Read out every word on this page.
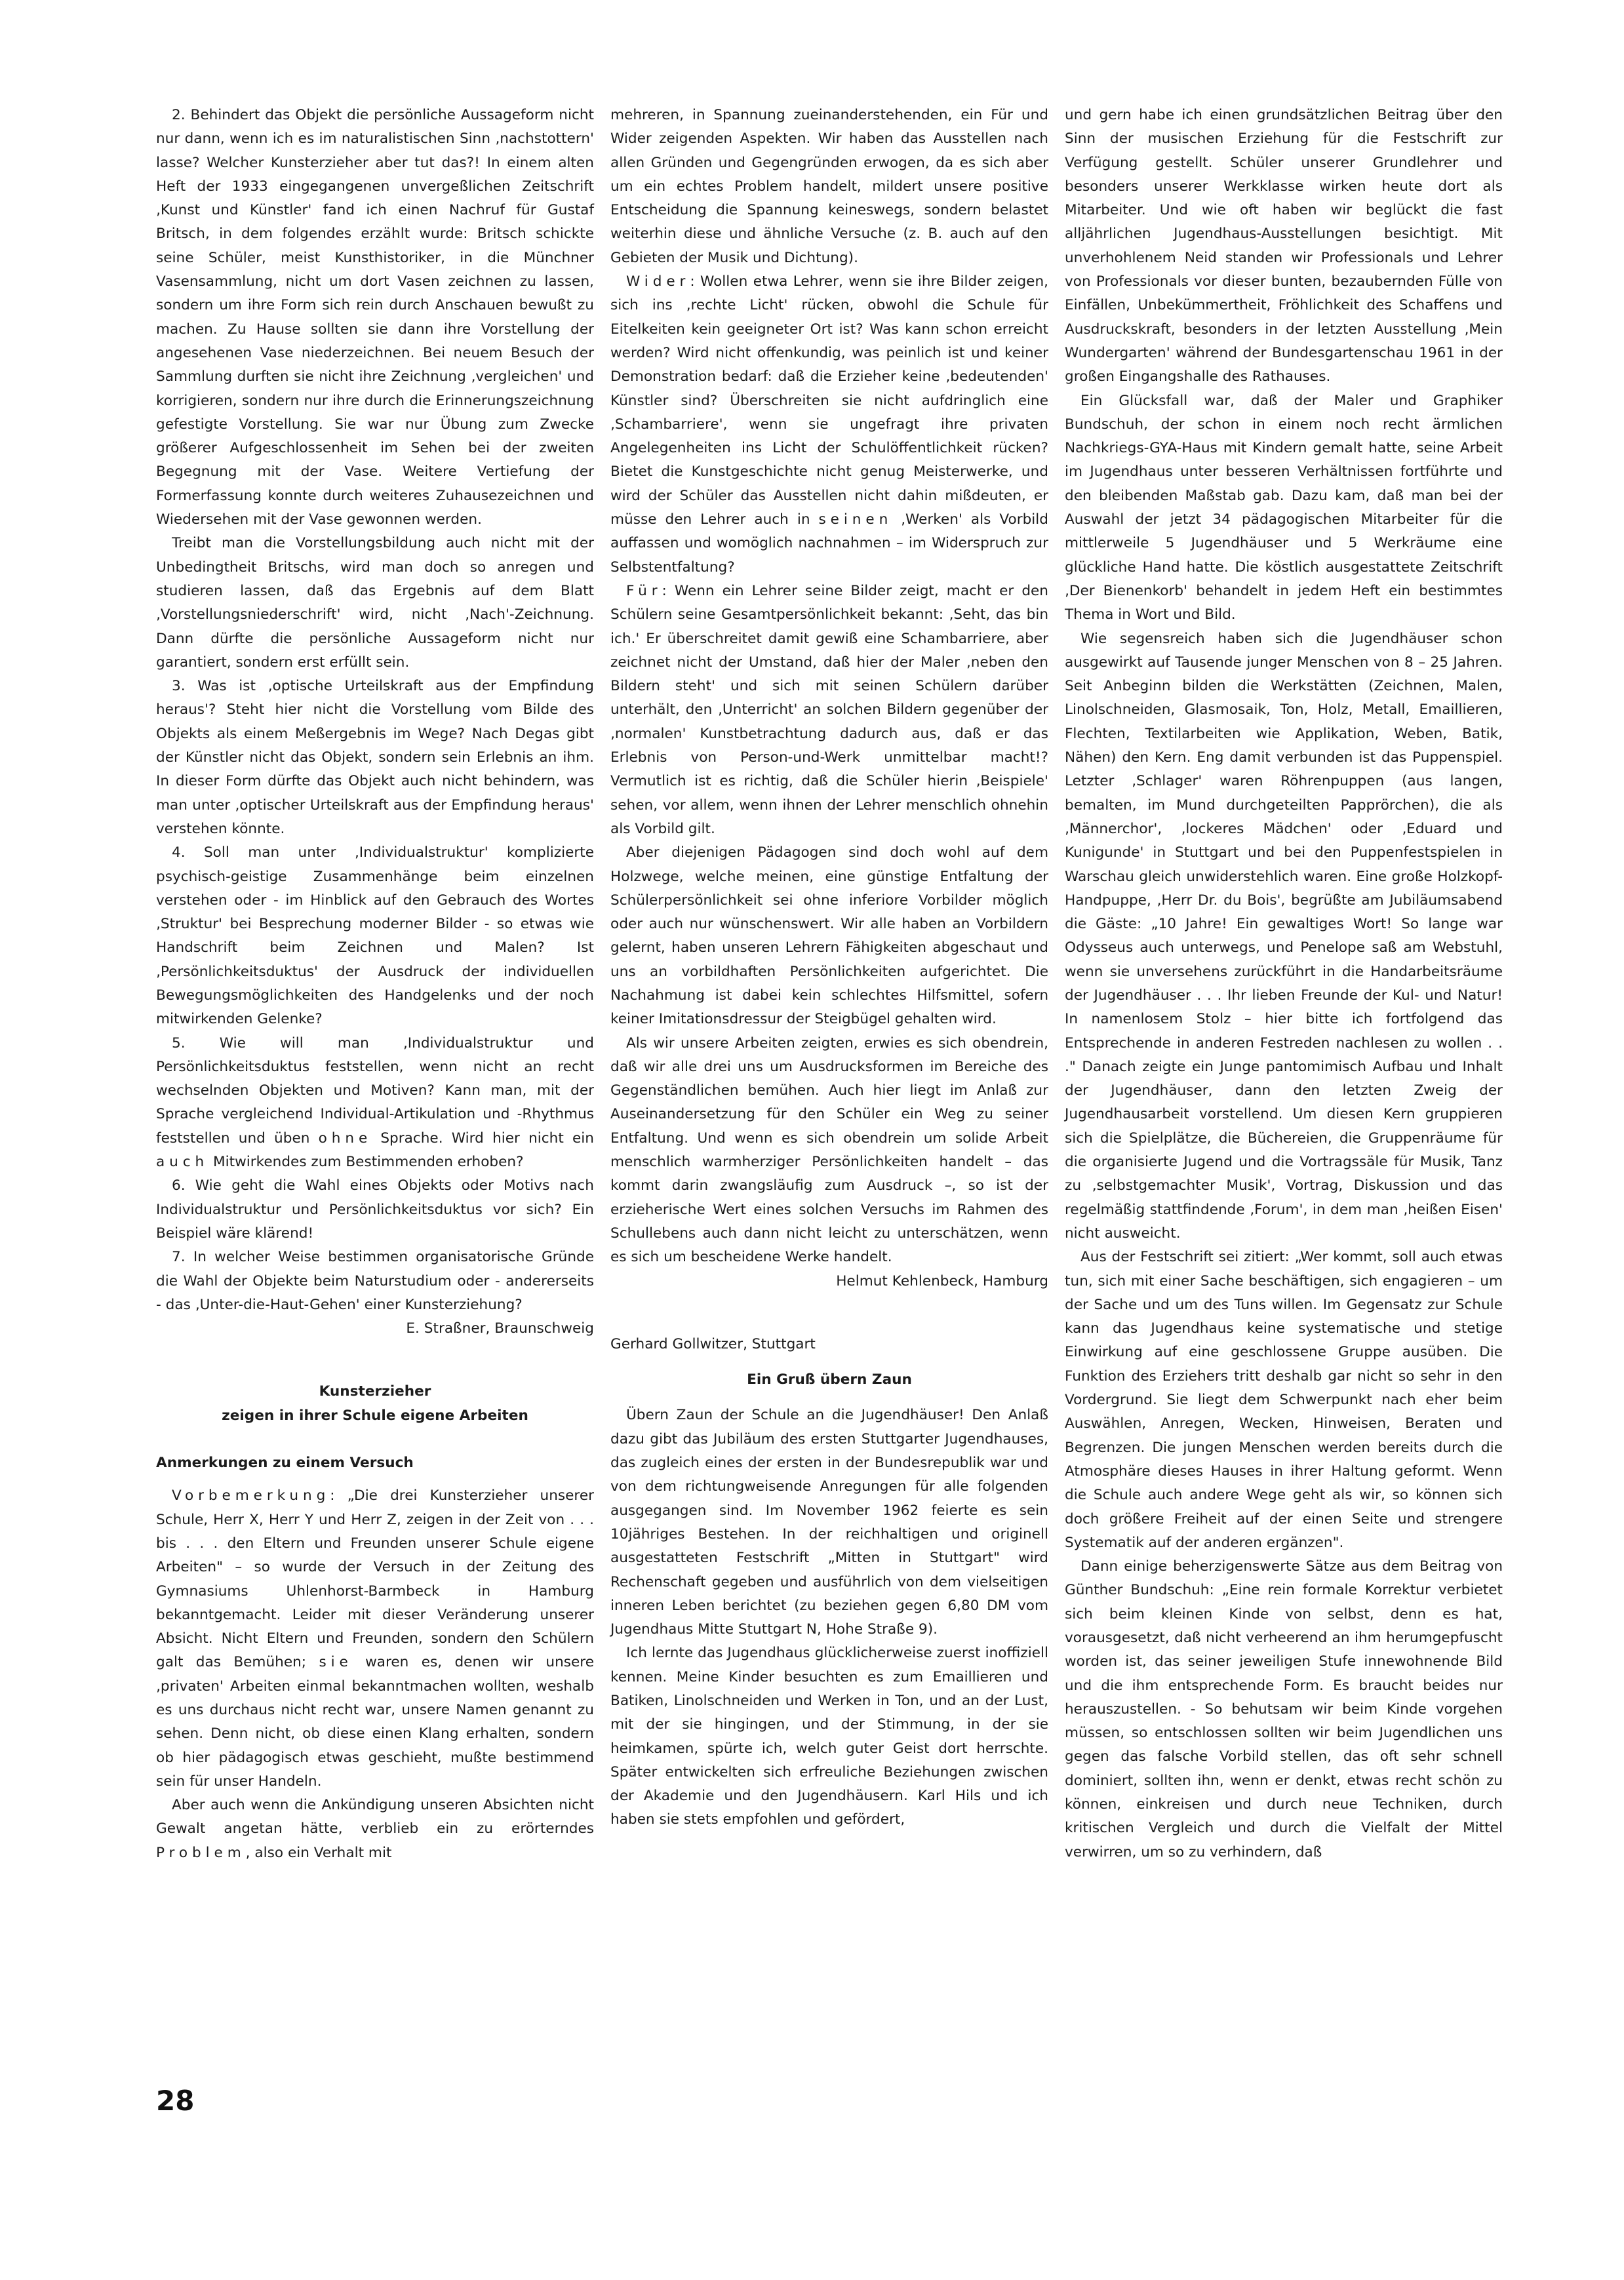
2. Behindert das Objekt die persönliche Aussageform nicht nur dann, wenn ich es im naturalistischen Sinn ‚nachstottern' lasse? Welcher Kunsterzieher aber tut das?! In einem alten Heft der 1933 eingegangenen unvergeßlichen Zeitschrift ‚Kunst und Künstler' fand ich einen Nachruf für Gustaf Britsch, in dem folgendes erzählt wurde: Britsch schickte seine Schüler, meist Kunsthistoriker, in die Münchner Vasensammlung, nicht um dort Vasen zeichnen zu lassen, sondern um ihre Form sich rein durch Anschauen bewußt zu machen. Zu Hause sollten sie dann ihre Vorstellung der angesehenen Vase niederzeichnen. Bei neuem Besuch der Sammlung durften sie nicht ihre Zeichnung ‚vergleichen' und korrigieren, sondern nur ihre durch die Erinnerungszeichnung gefestigte Vorstellung. Sie war nur Übung zum Zwecke größerer Aufgeschlossenheit im Sehen bei der zweiten Begegnung mit der Vase. Weitere Vertiefung der Formerfassung konnte durch weiteres Zuhausezeichnen und Wiedersehen mit der Vase gewonnen werden.

Treibt man die Vorstellungsbildung auch nicht mit der Unbedingtheit Britschs, wird man doch so anregen und studieren lassen, daß das Ergebnis auf dem Blatt ‚Vorstellungsniederschrift' wird, nicht ‚Nach'-Zeichnung. Dann dürfte die persönliche Aussageform nicht nur garantiert, sondern erst erfüllt sein.

3. Was ist ‚optische Urteilskraft aus der Empfindung heraus'? Steht hier nicht die Vorstellung vom Bilde des Objekts als einem Meßergebnis im Wege? Nach Degas gibt der Künstler nicht das Objekt, sondern sein Erlebnis an ihm. In dieser Form dürfte das Objekt auch nicht behindern, was man unter ‚optischer Urteilskraft aus der Empfindung heraus' verstehen könnte.

4. Soll man unter ‚Individualstruktur' komplizierte psychisch-geistige Zusammenhänge beim einzelnen verstehen oder - im Hinblick auf den Gebrauch des Wortes ‚Struktur' bei Besprechung moderner Bilder - so etwas wie Handschrift beim Zeichnen und Malen? Ist ‚Persönlichkeitsduktus' der Ausdruck der individuellen Bewegungsmöglichkeiten des Handgelenks und der noch mitwirkenden Gelenke?

5. Wie will man ‚Individualstruktur und Persönlichkeitsduktus feststellen, wenn nicht an recht wechselnden Objekten und Motiven? Kann man, mit der Sprache vergleichend Individual-Artikulation und -Rhythmus feststellen und üben ohne Sprache. Wird hier nicht ein auch Mitwirkendes zum Bestimmenden erhoben?

6. Wie geht die Wahl eines Objekts oder Motivs nach Individualstruktur und Persönlichkeitsduktus vor sich? Ein Beispiel wäre klärend!

7. In welcher Weise bestimmen organisatorische Gründe die Wahl der Objekte beim Naturstudium oder - andererseits - das ‚Unter-die-Haut-Gehen' einer Kunsterziehung?

E. Straßner, Braunschweig

Kunsterzieher
zeigen in ihrer Schule eigene Arbeiten
Anmerkungen zu einem Versuch

Vorbemerkung: „Die drei Kunsterzieher unserer Schule, Herr X, Herr Y und Herr Z, zeigen in der Zeit von . . . bis . . . den Eltern und Freunden unserer Schule eigene Arbeiten" – so wurde der Versuch in der Zeitung des Gymnasiums Uhlenhorst-Barmbeck in Hamburg bekanntgemacht. Leider mit dieser Veränderung unserer Absicht. Nicht Eltern und Freunden, sondern den Schülern galt das Bemühen; sie waren es, denen wir unsere ‚privaten' Arbeiten einmal bekanntmachen wollten, weshalb es uns durchaus nicht recht war, unsere Namen genannt zu sehen. Denn nicht, ob diese einen Klang erhalten, sondern ob hier pädagogisch etwas geschieht, mußte bestimmend sein für unser Handeln.

Aber auch wenn die Ankündigung unseren Absichten nicht Gewalt angetan hätte, verblieb ein zu erörterndes Problem, also ein Verhalt mit

mehreren, in Spannung zueinanderstehenden, ein Für und Wider zeigenden Aspekten. Wir haben das Ausstellen nach allen Gründen und Gegengründen erwogen, da es sich aber um ein echtes Problem handelt, mildert unsere positive Entscheidung die Spannung keineswegs, sondern belastet weiterhin diese und ähnliche Versuche (z. B. auch auf den Gebieten der Musik und Dichtung).

Wider: Wollen etwa Lehrer, wenn sie ihre Bilder zeigen, sich ins ‚rechte Licht' rücken, obwohl die Schule für Eitelkeiten kein geeigneter Ort ist? Was kann schon erreicht werden? Wird nicht offenkundig, was peinlich ist und keiner Demonstration bedarf: daß die Erzieher keine ‚bedeutenden' Künstler sind? Überschreiten sie nicht aufdringlich eine ‚Schambarriere', wenn sie ungefragt ihre privaten Angelegenheiten ins Licht der Schulöffentlichkeit rücken? Bietet die Kunstgeschichte nicht genug Meisterwerke, und wird der Schüler das Ausstellen nicht dahin mißdeuten, er müsse den Lehrer auch in seinen ‚Werken' als Vorbild auffassen und womöglich nachnahmen – im Widerspruch zur Selbstentfaltung?

Für: Wenn ein Lehrer seine Bilder zeigt, macht er den Schülern seine Gesamtpersönlichkeit bekannt: ‚Seht, das bin ich.' Er überschreitet damit gewiß eine Schambarriere, aber zeichnet nicht der Umstand, daß hier der Maler ‚neben den Bildern steht' und sich mit seinen Schülern darüber unterhält, den ‚Unterricht' an solchen Bildern gegenüber der ‚normalen' Kunstbetrachtung dadurch aus, daß er das Erlebnis von Person-und-Werk unmittelbar macht!? Vermutlich ist es richtig, daß die Schüler hierin ‚Beispiele' sehen, vor allem, wenn ihnen der Lehrer menschlich ohnehin als Vorbild gilt.

Aber diejenigen Pädagogen sind doch wohl auf dem Holzwege, welche meinen, eine günstige Entfaltung der Schülerpersönlichkeit sei ohne inferiore Vorbilder möglich oder auch nur wünschenswert. Wir alle haben an Vorbildern gelernt, haben unseren Lehrern Fähigkeiten abgeschaut und uns an vorbildhaften Persönlichkeiten aufgerichtet. Die Nachahmung ist dabei kein schlechtes Hilfsmittel, sofern keiner Imitationsdressur der Steigbügel gehalten wird.

Als wir unsere Arbeiten zeigten, erwies es sich obendrein, daß wir alle drei uns um Ausdrucksformen im Bereiche des Gegenständlichen bemühen. Auch hier liegt im Anlaß zur Auseinandersetzung für den Schüler ein Weg zu seiner Entfaltung. Und wenn es sich obendrein um solide Arbeit menschlich warmherziger Persönlichkeiten handelt – das kommt darin zwangsläufig zum Ausdruck –, so ist der erzieherische Wert eines solchen Versuchs im Rahmen des Schullebens auch dann nicht leicht zu unterschätzen, wenn es sich um bescheidene Werke handelt.

Helmut Kehlenbeck, Hamburg

Gerhard Gollwitzer, Stuttgart

Ein Gruß übern Zaun

Übern Zaun der Schule an die Jugendhäuser! Den Anlaß dazu gibt das Jubiläum des ersten Stuttgarter Jugendhauses, das zugleich eines der ersten in der Bundesrepublik war und von dem richtungweisende Anregungen für alle folgenden ausgegangen sind. Im November 1962 feierte es sein 10jähriges Bestehen. In der reichhaltigen und originell ausgestatteten Festschrift „Mitten in Stuttgart" wird Rechenschaft gegeben und ausführlich von dem vielseitigen inneren Leben berichtet (zu beziehen gegen 6,80 DM vom Jugendhaus Mitte Stuttgart N, Hohe Straße 9).

Ich lernte das Jugendhaus glücklicherweise zuerst inoffiziell kennen. Meine Kinder besuchten es zum Emaillieren und Batiken, Linolschneiden und Werken in Ton, und an der Lust, mit der sie hingingen, und der Stimmung, in der sie heimkamen, spürte ich, welch guter Geist dort herrschte. Später entwickelten sich erfreuliche Beziehungen zwischen der Akademie und den Jugendhäusern. Karl Hils und ich haben sie stets empfohlen und gefördert,

und gern habe ich einen grundsätzlichen Beitrag über den Sinn der musischen Erziehung für die Festschrift zur Verfügung gestellt. Schüler unserer Grundlehrer und besonders unserer Werkklasse wirken heute dort als Mitarbeiter. Und wie oft haben wir beglückt die fast alljährlichen Jugendhaus-Ausstellungen besichtigt. Mit unverhohlenem Neid standen wir Professionals und Lehrer von Professionals vor dieser bunten, bezaubernden Fülle von Einfällen, Unbekümmertheit, Fröhlichkeit des Schaffens und Ausdruckskraft, besonders in der letzten Ausstellung ‚Mein Wundergarten' während der Bundesgartenschau 1961 in der großen Eingangshalle des Rathauses.

Ein Glücksfall war, daß der Maler und Graphiker Bundschuh, der schon in einem noch recht ärmlichen Nachkriegs-GYA-Haus mit Kindern gemalt hatte, seine Arbeit im Jugendhaus unter besseren Verhältnissen fortführte und den bleibenden Maßstab gab. Dazu kam, daß man bei der Auswahl der jetzt 34 pädagogischen Mitarbeiter für die mittlerweile 5 Jugendhäuser und 5 Werkräume eine glückliche Hand hatte. Die köstlich ausgestattete Zeitschrift ‚Der Bienenkorb' behandelt in jedem Heft ein bestimmtes Thema in Wort und Bild.

Wie segensreich haben sich die Jugendhäuser schon ausgewirkt auf Tausende junger Menschen von 8 – 25 Jahren. Seit Anbeginn bilden die Werkstätten (Zeichnen, Malen, Linolschneiden, Glasmosaik, Ton, Holz, Metall, Emaillieren, Flechten, Textilarbeiten wie Applikation, Weben, Batik, Nähen) den Kern. Eng damit verbunden ist das Puppenspiel. Letzter ‚Schlager' waren Röhrenpuppen (aus langen, bemalten, im Mund durchgeteilten Papprörchen), die als ‚Männerchor', ‚lockeres Mädchen' oder ‚Eduard und Kunigunde' in Stuttgart und bei den Puppenfestspielen in Warschau gleich unwiderstehlich waren. Eine große Holzkopf-Handpuppe, ‚Herr Dr. du Bois', begrüßte am Jubiläumsabend die Gäste: „10 Jahre! Ein gewaltiges Wort! So lange war Odysseus auch unterwegs, und Penelope saß am Webstuhl, wenn sie unversehens zurückführt in die Handarbeitsräume der Jugendhäuser . . . Ihr lieben Freunde der Kul- und Natur! In namenlosem Stolz – hier bitte ich fortfolgend das Entsprechende in anderen Festreden nachlesen zu wollen . . ." Danach zeigte ein Junge pantomimisch Aufbau und Inhalt der Jugendhäuser, dann den letzten Zweig der Jugendhausarbeit vorstellend. Um diesen Kern gruppieren sich die Spielplätze, die Büchereien, die Gruppenräume für die organisierte Jugend und die Vortragssäle für Musik, Tanz zu ‚selbstgemachter Musik', Vortrag, Diskussion und das regelmäßig stattfindende ‚Forum', in dem man ‚heißen Eisen' nicht ausweicht.

Aus der Festschrift sei zitiert: „Wer kommt, soll auch etwas tun, sich mit einer Sache beschäftigen, sich engagieren – um der Sache und um des Tuns willen. Im Gegensatz zur Schule kann das Jugendhaus keine systematische und stetige Einwirkung auf eine geschlossene Gruppe ausüben. Die Funktion des Erziehers tritt deshalb gar nicht so sehr in den Vordergrund. Sie liegt dem Schwerpunkt nach eher beim Auswählen, Anregen, Wecken, Hinweisen, Beraten und Begrenzen. Die jungen Menschen werden bereits durch die Atmosphäre dieses Hauses in ihrer Haltung geformt. Wenn die Schule auch andere Wege geht als wir, so können sich doch größere Freiheit auf der einen Seite und strengere Systematik auf der anderen ergänzen".

Dann einige beherzigenswerte Sätze aus dem Beitrag von Günther Bundschuh: „Eine rein formale Korrektur verbietet sich beim kleinen Kinde von selbst, denn es hat, vorausgesetzt, daß nicht verheerend an ihm herumgepfuscht worden ist, das seiner jeweiligen Stufe innewohnende Bild und die ihm entsprechende Form. Es braucht beides nur herauszustellen. - So behutsam wir beim Kinde vorgehen müssen, so entschlossen sollten wir beim Jugendlichen uns gegen das falsche Vorbild stellen, das oft sehr schnell dominiert, sollten ihn, wenn er denkt, etwas recht schön zu können, einkreisen und durch neue Techniken, durch kritischen Vergleich und durch die Vielfalt der Mittel verwirren, um so zu verhindern, daß

28
